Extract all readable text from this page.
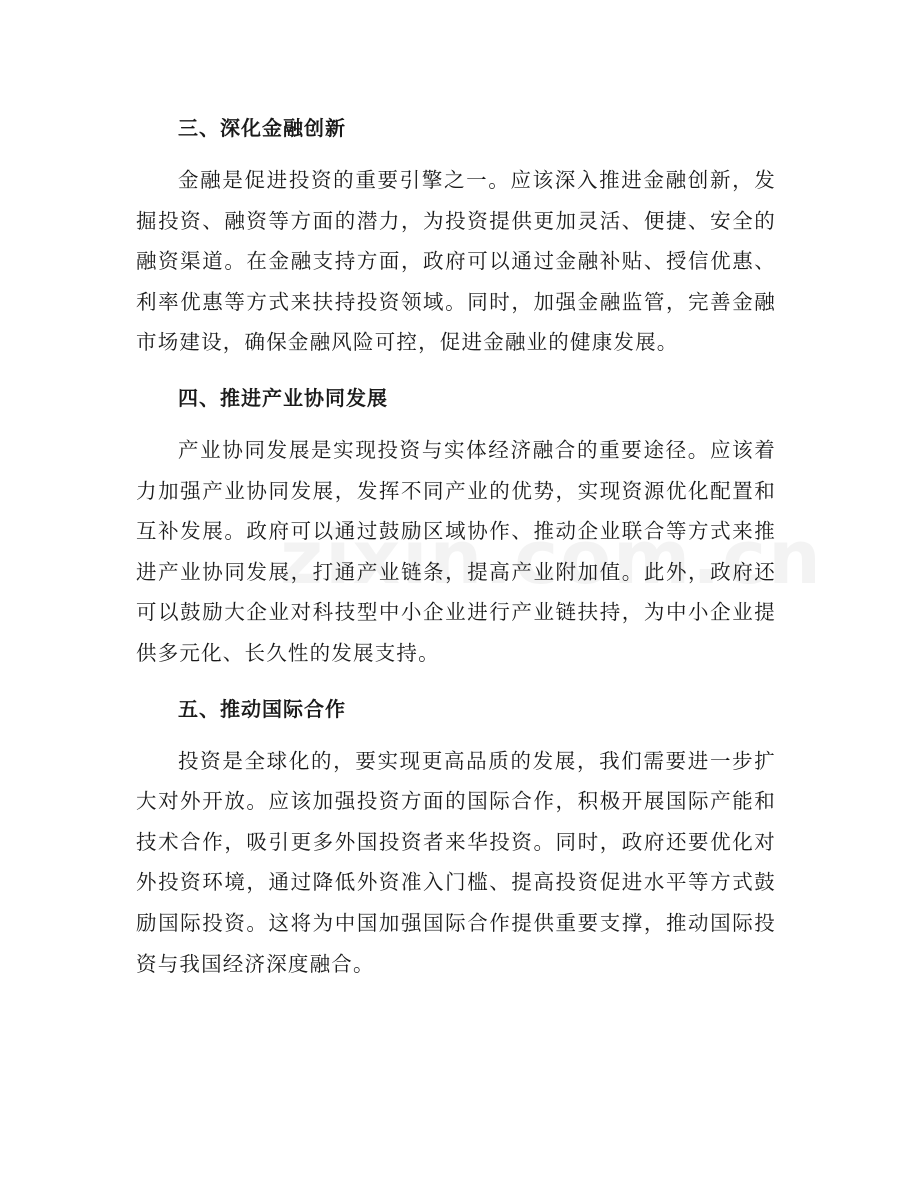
三、深化金融创新

金融是促进投资的重要引擎之一。应该深入推进金融创新，发掘投资、融资等方面的潜力，为投资提供更加灵活、便捷、安全的融资渠道。在金融支持方面，政府可以通过金融补贴、授信优惠、利率优惠等方式来扶持投资领域。同时，加强金融监管，完善金融市场建设，确保金融风险可控，促进金融业的健康发展。

四、推进产业协同发展

产业协同发展是实现投资与实体经济融合的重要途径。应该着力加强产业协同发展，发挥不同产业的优势，实现资源优化配置和互补发展。政府可以通过鼓励区域协作、推动企业联合等方式来推进产业协同发展，打通产业链条，提高产业附加值。此外，政府还可以鼓励大企业对科技型中小企业进行产业链扶持，为中小企业提供多元化、长久性的发展支持。

五、推动国际合作

投资是全球化的，要实现更高品质的发展，我们需要进一步扩大对外开放。应该加强投资方面的国际合作，积极开展国际产能和技术合作，吸引更多外国投资者来华投资。同时，政府还要优化对外投资环境，通过降低外资准入门槛、提高投资促进水平等方式鼓励国际投资。这将为中国加强国际合作提供重要支撑，推动国际投资与我国经济深度融合。
